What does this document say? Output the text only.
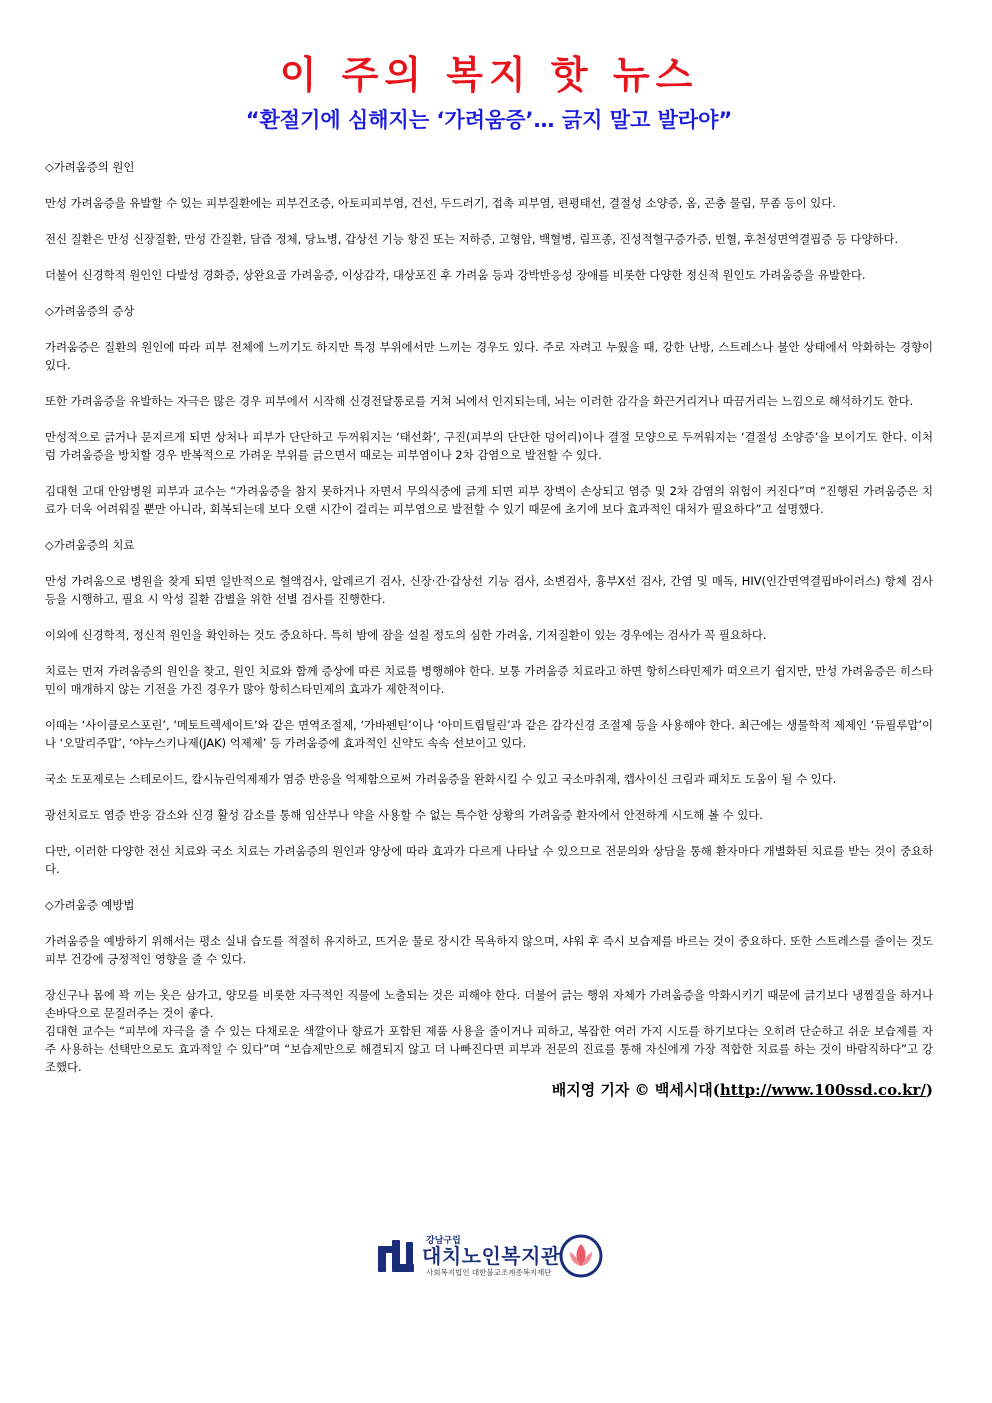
이 주의 복지 핫 뉴스
“환절기에 심해지는 ‘가려움증’… 긁지 말고 발라야”

◇가려움증의 원인

만성 가려움증을 유발할 수 있는 피부질환에는 피부건조증, 아토피피부염, 건선, 두드러기, 접촉 피부염, 편평태선, 결절성 소양증, 옴, 곤충 물림, 무좀 등이 있다.

전신 질환은 만성 신장질환, 만성 간질환, 담즙 정체, 당뇨병, 갑상선 기능 항진 또는 저하증, 고형암, 백혈병, 림프종, 진성적혈구증가증, 빈혈, 후천성면역결핍증 등 다양하다.

더불어 신경학적 원인인 다발성 경화증, 상완요골 가려움증, 이상감각, 대상포진 후 가려움 등과 강박반응성 장애를 비롯한 다양한 정신적 원인도 가려움증을 유발한다.

◇가려움증의 증상

가려움증은 질환의 원인에 따라 피부 전체에 느끼기도 하지만 특정 부위에서만 느끼는 경우도 있다. 주로 자려고 누웠을 때, 강한 난방, 스트레스나 불안 상태에서 악화하는 경향이 있다.

또한 가려움증을 유발하는 자극은 많은 경우 피부에서 시작해 신경전달통로를 거쳐 뇌에서 인지되는데, 뇌는 이러한 감각을 화끈거리거나 따끔거리는 느낌으로 해석하기도 한다.

만성적으로 긁거나 문지르게 되면 상처나 피부가 단단하고 두꺼워지는 ‘태선화’, 구진(피부의 단단한 덩어리)이나 결절 모양으로 두꺼워지는 ‘결절성 소양증’을 보이기도 한다. 이처럼 가려움증을 방치할 경우 반복적으로 가려운 부위를 긁으면서 때로는 피부염이나 2차 감염으로 발전할 수 있다.

김대현 고대 안암병원 피부과 교수는 “가려움증을 참지 못하거나 자면서 무의식중에 긁게 되면 피부 장벽이 손상되고 염증 및 2차 감염의 위험이 커진다”며 “진행된 가려움증은 치료가 더욱 어려워질 뿐만 아니라, 회복되는데 보다 오랜 시간이 걸리는 피부염으로 발전할 수 있기 때문에 초기에 보다 효과적인 대처가 필요하다”고 설명했다.

◇가려움증의 치료

만성 가려움으로 병원을 찾게 되면 일반적으로 혈액검사, 알레르기 검사, 신장·간·갑상선 기능 검사, 소변검사, 흉부X선 검사, 간염 및 매독, HIV(인간면역결핍바이러스) 항체 검사 등을 시행하고, 필요 시 악성 질환 감별을 위한 선별 검사를 진행한다.

이외에 신경학적, 정신적 원인을 확인하는 것도 중요하다. 특히 밤에 잠을 설칠 정도의 심한 가려움, 기저질환이 있는 경우에는 검사가 꼭 필요하다.

치료는 먼저 가려움증의 원인을 찾고, 원인 치료와 함께 증상에 따른 치료를 병행해야 한다. 보통 가려움증 치료라고 하면 항히스타민제가 떠오르기 쉽지만, 만성 가려움증은 히스타민이 매개하지 않는 기전을 가진 경우가 많아 항히스타민제의 효과가 제한적이다.

이때는 ‘사이클로스포린’, ‘메토트렉세이트’와 같은 면역조절제, ‘가바펜틴’이나 ‘아미트립틸린’과 같은 감각신경 조절제 등을 사용해야 한다. 최근에는 생물학적 제제인 ‘듀필루맙’이나 ‘오말리주맙’, ‘야누스키나제(JAK) 억제제’ 등 가려움증에 효과적인 신약도 속속 선보이고 있다.

국소 도포제로는 스테로이드, 칼시뉴린억제제가 염증 반응을 억제함으로써 가려움증을 완화시킬 수 있고 국소마취제, 캡사이신 크림과 패치도 도움이 될 수 있다.

광선치료도 염증 반응 감소와 신경 활성 감소를 통해 임산부나 약을 사용할 수 없는 특수한 상황의 가려움증 환자에서 안전하게 시도해 볼 수 있다.

다만, 이러한 다양한 전신 치료와 국소 치료는 가려움증의 원인과 양상에 따라 효과가 다르게 나타날 수 있으므로 전문의와 상담을 통해 환자마다 개별화된 치료를 받는 것이 중요하다.

◇가려움증 예방법

가려움증을 예방하기 위해서는 평소 실내 습도를 적절히 유지하고, 뜨거운 물로 장시간 목욕하지 않으며, 샤워 후 즉시 보습제를 바르는 것이 중요하다. 또한 스트레스를 줄이는 것도 피부 건강에 긍정적인 영향을 줄 수 있다.

장신구나 몸에 꽉 끼는 옷은 삼가고, 양모를 비롯한 자극적인 직물에 노출되는 것은 피해야 한다. 더불어 긁는 행위 자체가 가려움증을 악화시키기 때문에 긁기보다 냉찜질을 하거나 손바닥으로 문질러주는 것이 좋다.

김대현 교수는 “피부에 자극을 줄 수 있는 다채로운 색깔이나 향료가 포함된 제품 사용을 줄이거나 피하고, 복잡한 여러 가지 시도를 하기보다는 오히려 단순하고 쉬운 보습제를 자주 사용하는 선택만으로도 효과적일 수 있다”며 “보습제만으로 해결되지 않고 더 나빠진다면 피부과 전문의 진료를 통해 자신에게 가장 적합한 치료를 하는 것이 바람직하다”고 강조했다.

배지영 기자 © 백세시대(http://www.100ssd.co.kr/)
강남구립
대치노인복지관
사회복지법인 대한불교조계종복지재단
